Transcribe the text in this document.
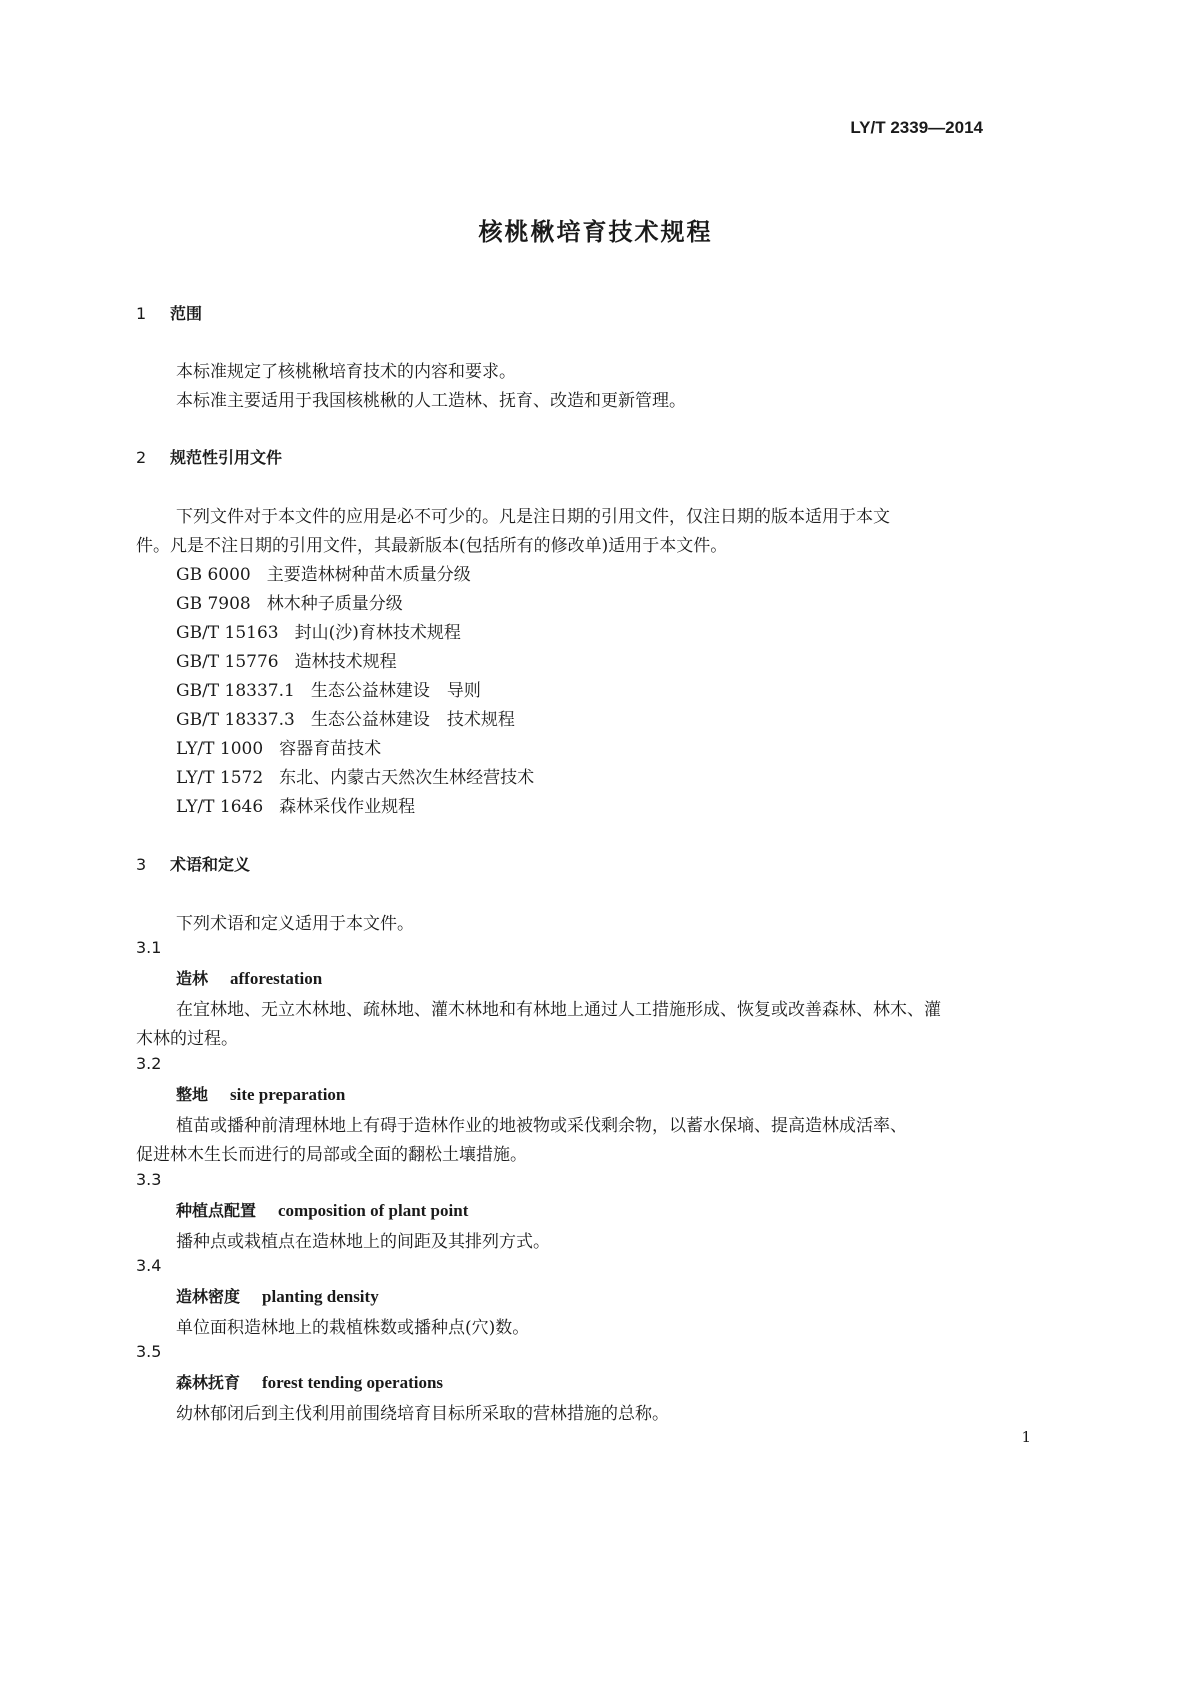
LY/T 2339—2014
核桃楸培育技术规程
1 范围
本标准规定了核桃楸培育技术的内容和要求。
本标准主要适用于我国核桃楸的人工造林、抚育、改造和更新管理。
2 规范性引用文件
下列文件对于本文件的应用是必不可少的。凡是注日期的引用文件，仅注日期的版本适用于本文
件。凡是不注日期的引用文件，其最新版本(包括所有的修改单)适用于本文件。
GB 6000 主要造林树种苗木质量分级
GB 7908 林木种子质量分级
GB/T 15163 封山(沙)育林技术规程
GB/T 15776 造林技术规程
GB/T 18337.1 生态公益林建设　导则
GB/T 18337.3 生态公益林建设　技术规程
LY/T 1000 容器育苗技术
LY/T 1572 东北、内蒙古天然次生林经营技术
LY/T 1646 森林采伐作业规程
3 术语和定义
下列术语和定义适用于本文件。
3.1
造林 afforestation
在宜林地、无立木林地、疏林地、灌木林地和有林地上通过人工措施形成、恢复或改善森林、林木、灌
木林的过程。
3.2
整地 site preparation
植苗或播种前清理林地上有碍于造林作业的地被物或采伐剩余物，以蓄水保墒、提高造林成活率、
促进林木生长而进行的局部或全面的翻松土壤措施。
3.3
种植点配置 composition of plant point
播种点或栽植点在造林地上的间距及其排列方式。
3.4
造林密度 planting density
单位面积造林地上的栽植株数或播种点(穴)数。
3.5
森林抚育 forest tending operations
幼林郁闭后到主伐利用前围绕培育目标所采取的营林措施的总称。
1
